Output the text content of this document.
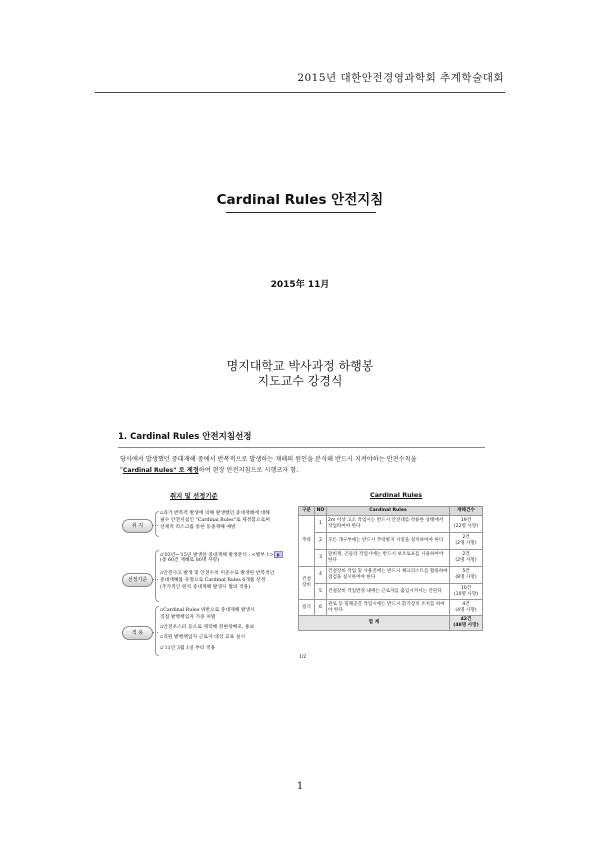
2015년 대한안전경영과학회 추계학술대회
Cardinal Rules 안전지침
2015年 11月
명지대학교 박사과정 하행봉
지도교수 강경식
1. Cardinal Rules 안전지침선정
당사에서 발생했던 중대재해 중에서 반복적으로 발생하는 재해의 원인을 분석해 반드시 지켜야하는 안전수칙을
"Cardinal Rules" 로 제정하여 현장 안전지침으로 시행코자 함.
취지 및 선정기준	Cardinal Rules
취 지
▫과거 반복적 발생에 의해 발생했던 중대재해에 대해
필수 안전지침인 "Cardinal Rules"로 제정함으로써
선제적 리스크를 통한 동종재해 예방
선정기준
▫'03년~'15년 발생한 중대재해 발생분석 : <별부 1>
(총 60건 재해로 80명 사망)
▫안전사고 발생 및 안전수칙 미준수로 발생한 반복적인
중대재해를 유형으로 Cardinal Rules 6개를 선정
(추가적인 원칙 중대재해 발생시 협의 적용)
적 용
▫Cardinal Rules 위반으로 중대재해 발생시
직접 발행책임자 가중 처벌
▫안전포스터 등으로 제작해 전현장배포, 홍보
▫직원 발행책임자 근로자 대상 교육 실시
▫'11년 3월 1일 부터 적용
구분	NO	Cardinal Rules	재해건수
추락	1	2m 이상 고소 작업시는 반드시 안전대를 착용한 상태에서 작업하여야 한다	19건
(22명 사망)
	2	모든 개구부에는 반드시 추락방지 시설을 설치하여야 한다	2건
(2명 사망)
	3	달비계, 곤돌라 작업시에는 반드시 보조로프를 사용하여야 한다	2건
(2명 사망)
건설장비	4	건설장비 작업 및 사용전에는 반드시 체크리스트를 활용하여 점검을 실시하여야 한다	5건
(8명 사망)
	5	건설장비 작업반경 내에는 근로자를 출입시켜서는 안된다	10건
(10명 사망)
질식	6	관로 등 밀폐공간 작업시에는 반드시 환기장치 조치를 하여야 한다	4건
(4명 사망)
합 계			42건
(48명 사망)
1/2
1
